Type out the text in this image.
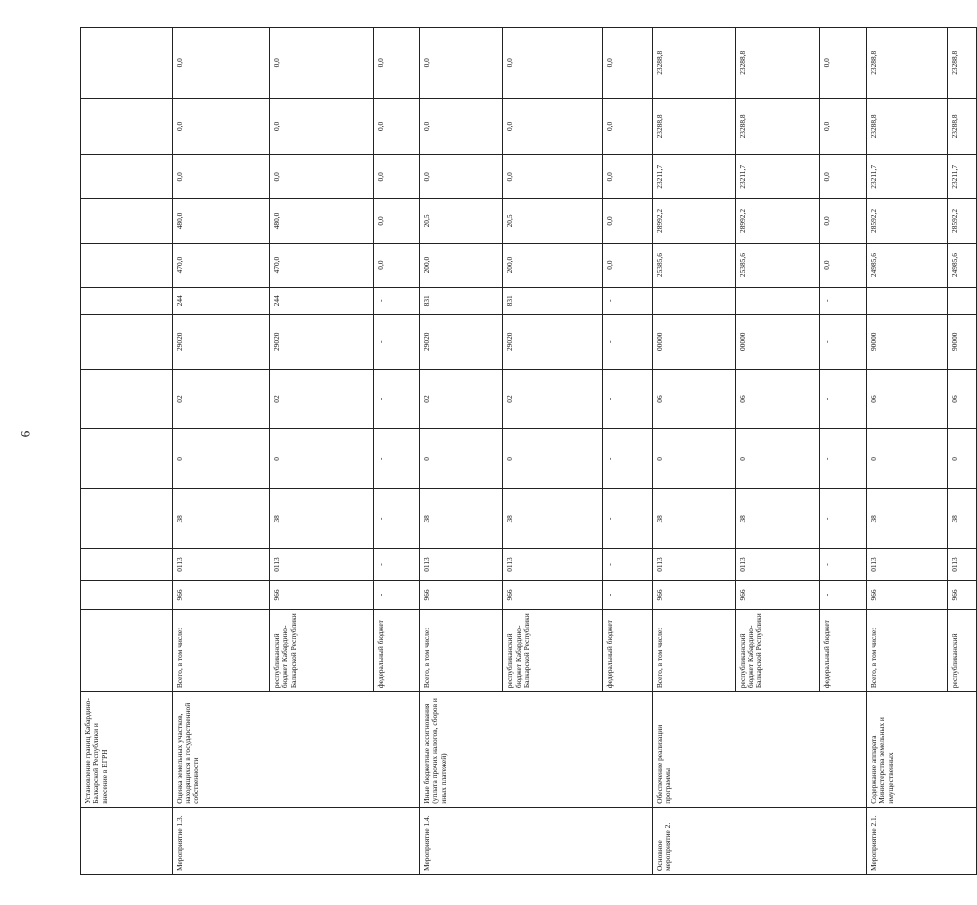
6
	Установление границ Кабардино-Балкарской Республики и внесение в ЕГРН													
Мероприятие 1.3.	Оценка земельных участков, находящихся в государственной собственности	Всего, в том числе:	966	0113	38	0	02	29020	244	470,0	480,0	0,0	0,0	0,0
		республиканский бюджет Кабардино-Балкарской Республики	966	0113	38	0	02	29020	244	470,0	480,0	0,0	0,0	0,0
		федеральный бюджет	-	-	-	-	-	-	-	0,0	0,0	0,0	0,0	0,0
Мероприятие 1.4.	Иные бюджетные ассигнования (уплата прочих налогов, сборов и иных платежей)	Всего, в том числе:	966	0113	38	0	02	29020	831	200,0	20,5	0,0	0,0	0,0
		республиканский бюджет Кабардино-Балкарской Республики	966	0113	38	0	02	29020	831	200,0	20,5	0,0	0,0	0,0
		федеральный бюджет	-	-	-	-	-	-	-	0,0	0,0	0,0	0,0	0,0
Основное мероприятие 2.	Обеспечение реализации программы	Всего, в том числе:	966	0113	38	0	06	00000		25385,6	28992,2	23211,7	23288,8	23288,8
		республиканский бюджет Кабардино-Балкарской Республики	966	0113	38	0	06	00000		25385,6	28992,2	23211,7	23288,8	23288,8
		федеральный бюджет	-	-	-	-	-	-	-	0,0	0,0	0,0	0,0	0,0
Мероприятие 2.1.	Содержание аппарата Министерства земельных и имущественных	Всего, в том числе:	966	0113	38	0	06	90000		24985,6	28592,2	23211,7	23288,8	23288,8
		республиканский	966	0113	38	0	06	90000		24985,6	28592,2	23211,7	23288,8	23288,8
